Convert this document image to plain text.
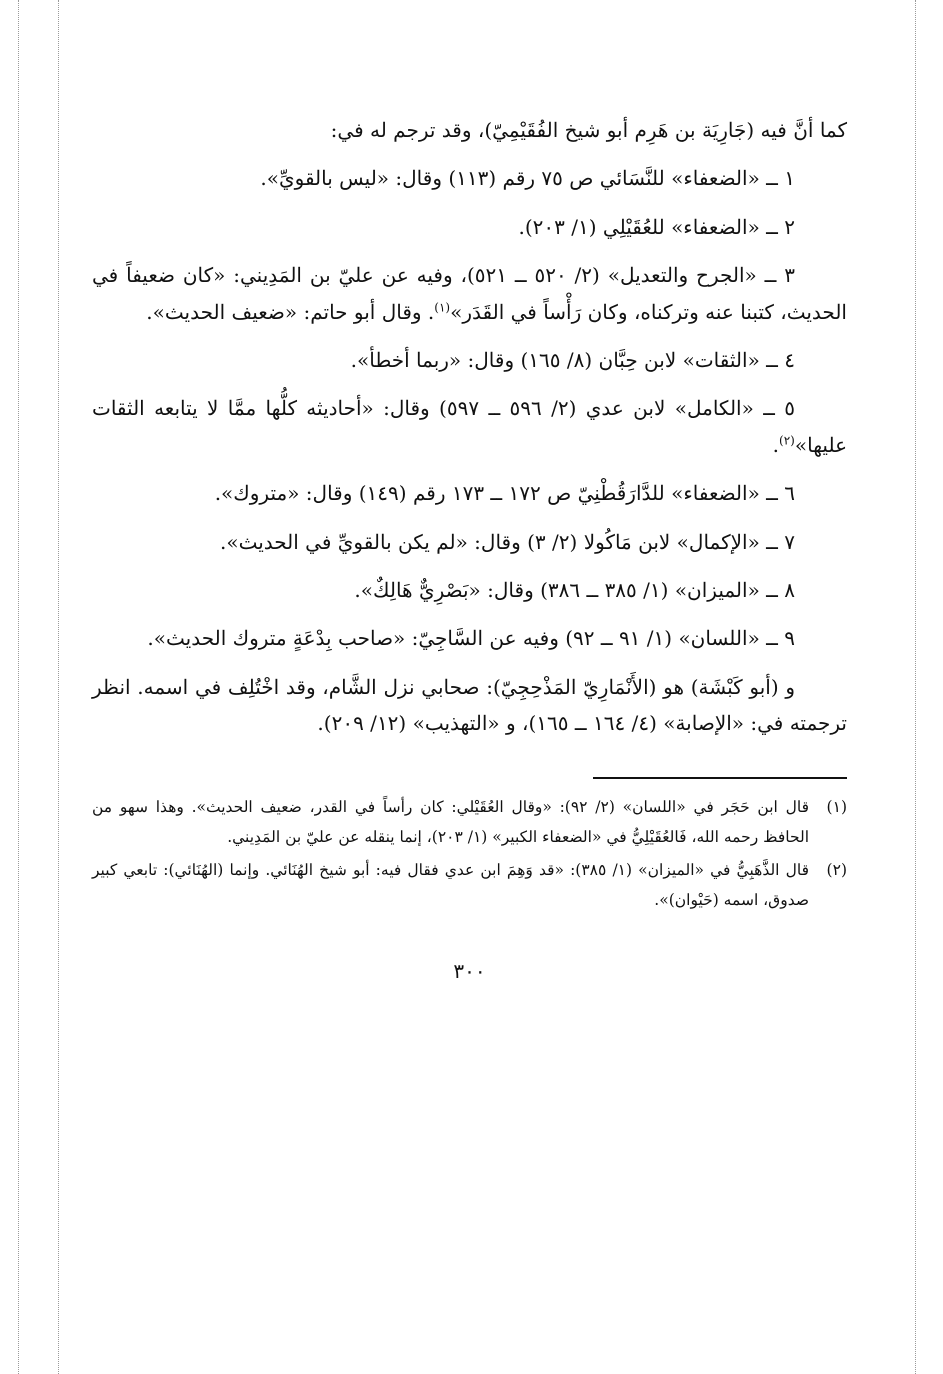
كما أنَّ فيه (جَارِيَة بن هَرِم أبو شيخ الفُقَيْمِيّ)، وقد ترجم له في:

١ ــ «الضعفاء» للنَّسَائي ص ٧٥ رقم (١١٣) وقال: «ليس بالقويِّ».

٢ ــ «الضعفاء» للعُقَيْلِي (١/ ٢٠٣).

٣ ــ «الجرح والتعديل» (٢/ ٥٢٠ ــ ٥٢١)، وفيه عن عليّ بن المَدِيني: «كان ضعيفاً في الحديث، كتبنا عنه وتركناه، وكان رَأْساً في القَدَر»$^{(١)}$. وقال أبو حاتم: «ضعيف الحديث».

٤ ــ «الثقات» لابن حِبَّان (٨/ ١٦٥) وقال: «ربما أخطأ».

٥ ــ «الكامل» لابن عدي (٢/ ٥٩٦ ــ ٥٩٧) وقال: «أحاديثه كلُّها ممَّا لا يتابعه الثقات عليها»$^{(٢)}$.

٦ ــ «الضعفاء» للدَّارَقُطْنِيّ ص ١٧٢ ــ ١٧٣ رقم (١٤٩) وقال: «متروك».

٧ ــ «الإكمال» لابن مَاكُولا (٢/ ٣) وقال: «لم يكن بالقويِّ في الحديث».

٨ ــ «الميزان» (١/ ٣٨٥ ــ ٣٨٦) وقال: «بَصْرِيٌّ هَالِكٌ».

٩ ــ «اللسان» (١/ ٩١ ــ ٩٢) وفيه عن السَّاجِيّ: «صاحب بِدْعَةٍ متروك الحديث».

و (أبو كَبْشَة) هو (الأَنْمَارِيّ المَذْحِجِيّ): صحابي نزل الشَّام، وقد اخْتُلِف في اسمه. انظر ترجمته في: «الإصابة» (٤/ ١٦٤ ــ ١٦٥)، و «التهذيب» (١٢/ ٢٠٩).

(١)
قال ابن حَجَر في «اللسان» (٢/ ٩٢): «وقال العُقَيْلي: كان رأساً في القدر، ضعيف الحديث». وهذا سهو من الحافظ رحمه الله، فَالعُقَيْلِيُّ في «الضعفاء الكبير» (١/ ٢٠٣)، إنما ينقله عن عليّ بن المَدِيني.
(٢)
قال الذَّهَبِيُّ في «الميزان» (١/ ٣٨٥): «قد وَهِمَ ابن عدي فقال فيه: أبو شيخ الهُنَائي. وإنما (الهُنَائي): تابعي كبير صدوق، اسمه (حَيْوان)».
٣٠٠
